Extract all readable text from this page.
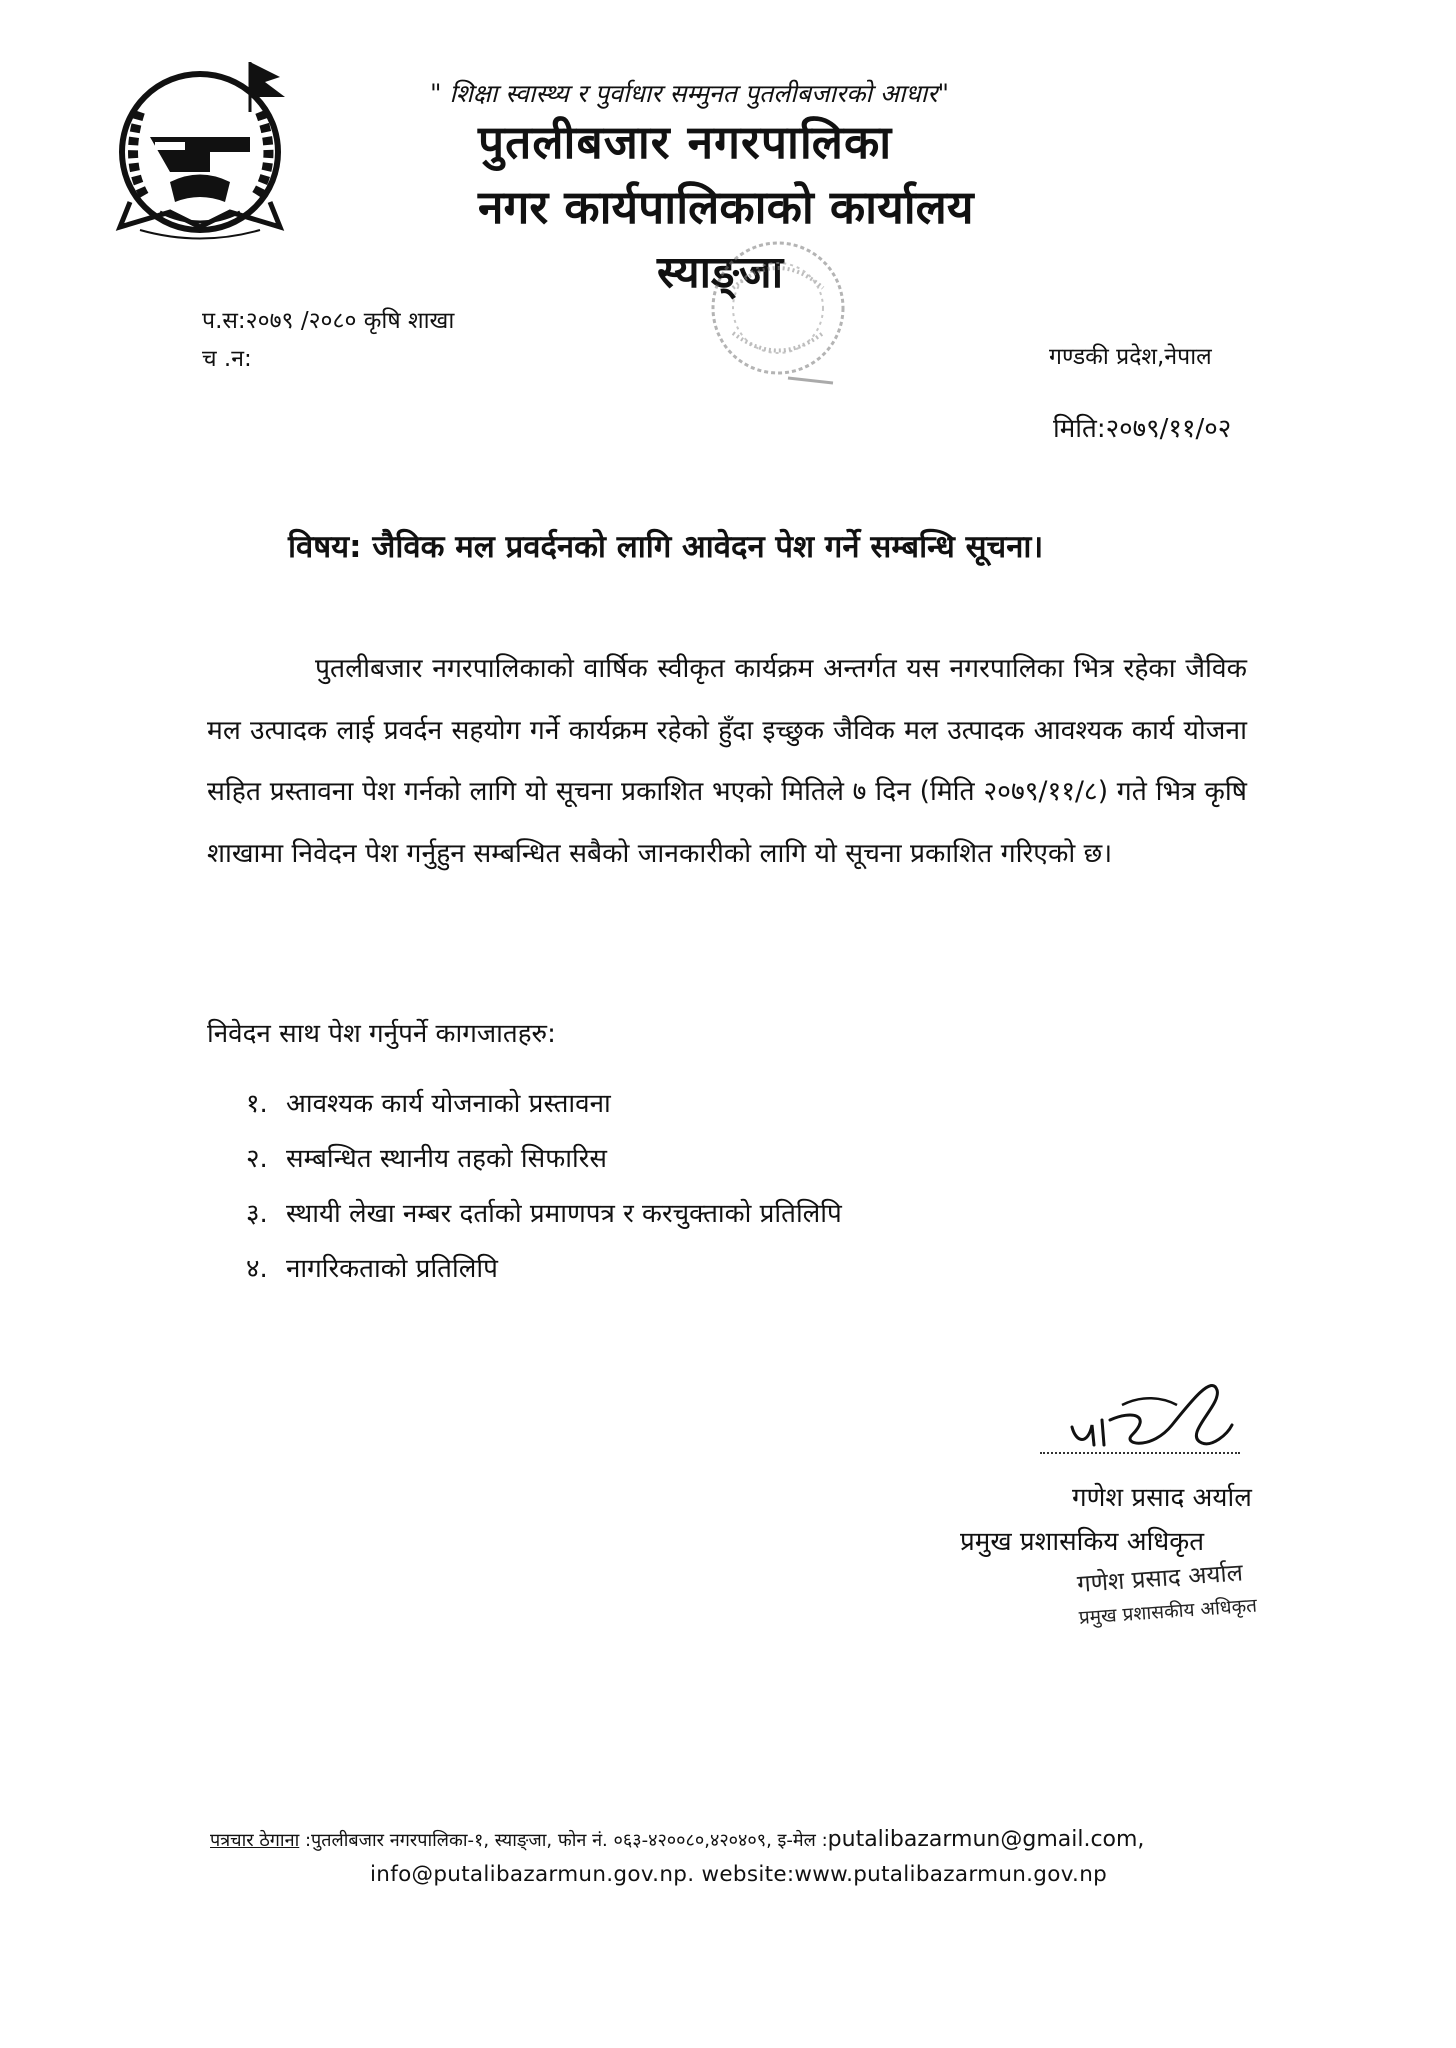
" शिक्षा स्वास्थ्य र पुर्वाधार सम्मुनत पुतलीबजारको आधार"
पुतलीबजार नगरपालिका
नगर कार्यपालिकाको कार्यालय
स्याङ्जा
प.स:२०७९ /२०८० कृषि शाखा
च .न:	गण्डकी प्रदेश,नेपाल
मिति:२०७९/११/०२
विषय: जैविक मल प्रवर्दनको लागि आवेदन पेश गर्ने सम्बन्धि सूचना।

पुतलीबजार नगरपालिकाको वार्षिक स्वीकृत कार्यक्रम अन्तर्गत यस नगरपालिका भित्र रहेका जैविक मल उत्पादक लाई प्रवर्दन सहयोग गर्ने कार्यक्रम रहेको हुँदा इच्छुक जैविक मल उत्पादक आवश्यक कार्य योजना सहित प्रस्तावना पेश गर्नको लागि यो सूचना प्रकाशित भएको मितिले ७ दिन (मिति २०७९/११/८) गते भित्र कृषि शाखामा निवेदन पेश गर्नुहुन सम्बन्धित सबैको जानकारीको लागि यो सूचना प्रकाशित गरिएको छ।

निवेदन साथ पेश गर्नुपर्ने कागजातहरु:
१. आवश्यक कार्य योजनाको प्रस्तावना
२. सम्बन्धित स्थानीय तहको सिफारिस
३. स्थायी लेखा नम्बर दर्ताको प्रमाणपत्र र करचुक्ताको प्रतिलिपि
४. नागरिकताको प्रतिलिपि
गणेश प्रसाद अर्याल
प्रमुख प्रशासकिय अधिकृत
गणेश प्रसाद अर्याल
प्रमुख प्रशासकीय अधिकृत
पत्रचार ठेगाना :पुतलीबजार नगरपालिका-१, स्याङ्जा, फोन नं. ०६३-४२००८०,४२०४०९, इ-मेल :putalibazarmun@gmail.com,
info@putalibazarmun.gov.np. website:www.putalibazarmun.gov.np
